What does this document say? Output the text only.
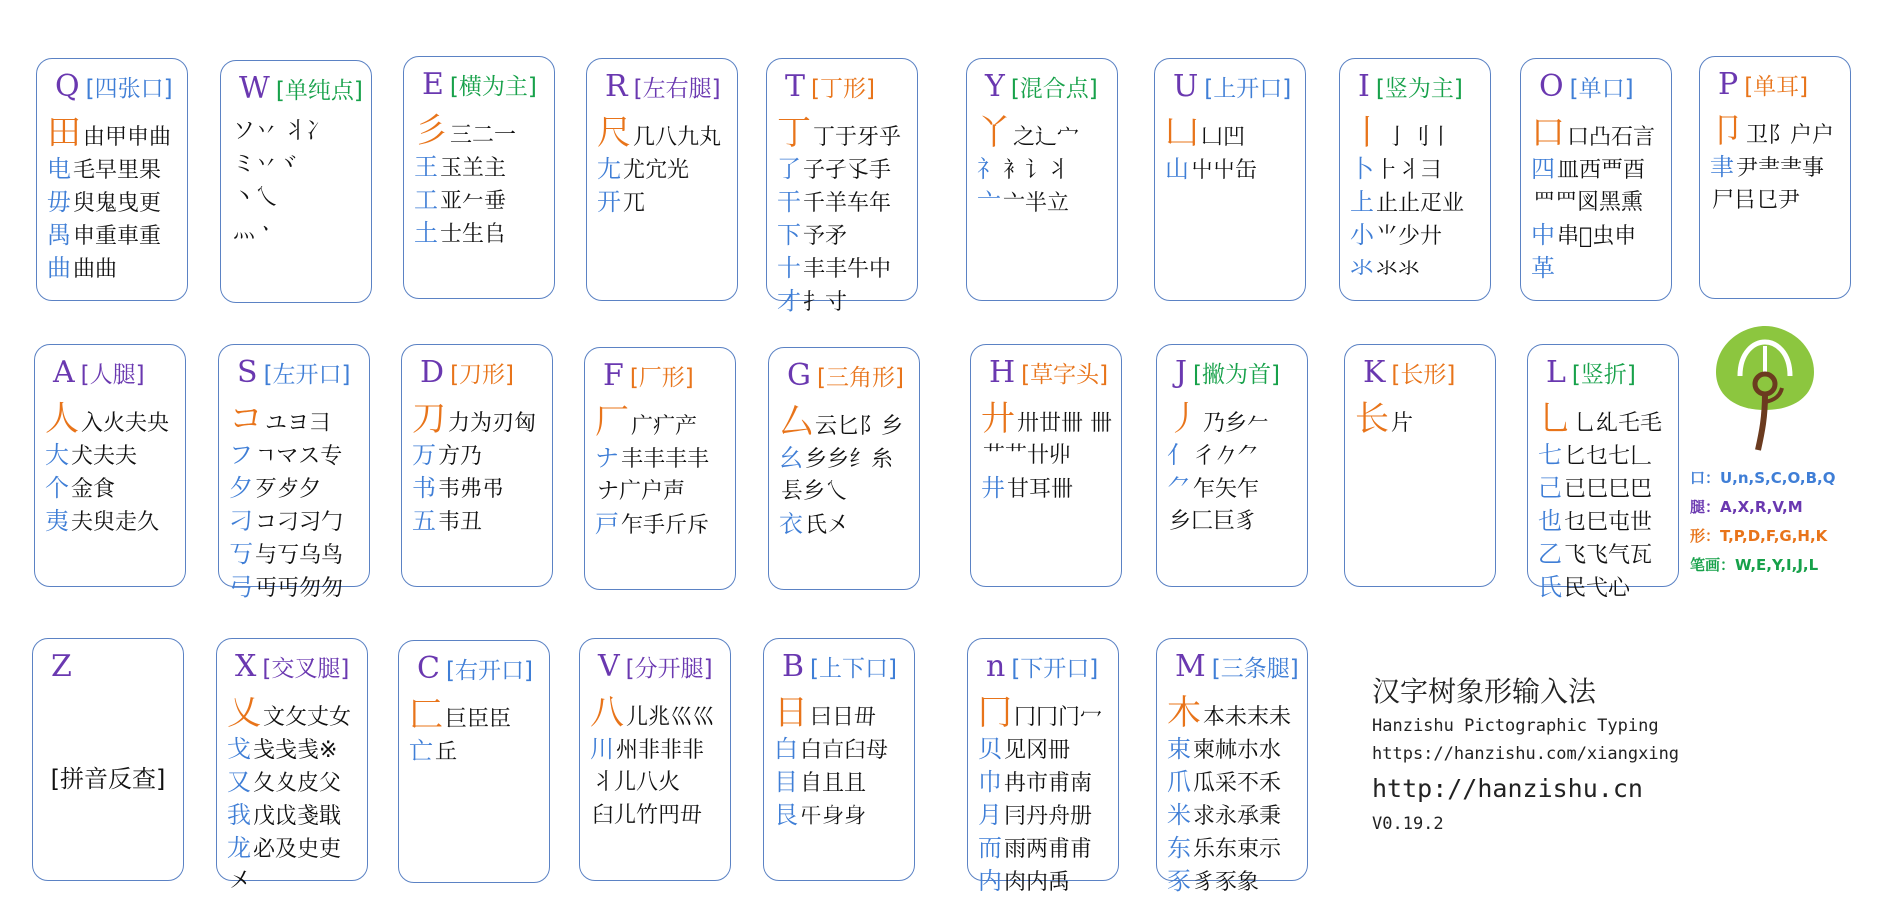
Q [四张口]
田由甲申曲
电毛早里果
毋臾鬼曳更
禺申重車重
曲曲曲
W [单纯点]
ソ丷 丬冫
ミ丷ヾ
丶乀
灬ㆍ
E [横为主]
彡三二一
王玉𦍌主
工亚𠂉垂
土士生𠂤
R [左右腿]
尺几八九丸
尢尤宂光
开兀
T [丁形]
丁丁于牙乎
了子孑孓手
干千羊车年
下予矛
十丰丰牛中
才扌寸
Y [混合点]
丫之辶宀
礻衤讠丬
亠亠半立
U [上开口]
凵凵凹
山屮屮缶
I [竖为主]
丨亅刂丨
卜⺊丬彐
上止止疋业
小⺌少廾
氺氺氺
O [单口]
口口凸石言
四皿西覀酉
罒罒図黑熏
中串𠀉虫申
革
P [单耳]
卩卫阝户户
聿尹⺻⺻事
尸㠯㔾尹
A [人腿]
人入火夫央
大犬夫夫
个金食
夷夫臾走久
S [左开口]
コユヨ彐
フㄱマス专
夕歹歺夕
刁コ刁习勹
丂与丂乌鸟
弓丏丏勿勿
D [刀形]
刀力为刃匈
万方乃
书韦弗弔
五韦丑
F [厂形]
厂广疒产
ナ丰丰丰丰
ナ广户声
戸乍手斤斥
G [三角形]
厶云匕阝乡
幺乡乡纟糸
镸乡乀
衣氏㐅
H [草字头]
廾卅丗卌 卌
艹艹卄丱
井甘耳卌
J [撇为首]
丿乃乡𠂉
亻彳𠂊⺈
⺈乍矢乍
乡匚巨豸
K [长形]
长片
L [竖折]
乚乚乣乇毛
七匕乜七𠃊
己已巳巳巴
也乜巳屯世
乙飞飞气瓦
氏民弋心
Z
[拼音反查]
X [交叉腿]
乂文攵丈女
戈戋戋㦮※
又夂夊皮父
我戊戉戔戢
龙必及史吏
㐅
C [右开口]
匚巨臣臣
亡丘
V [分开腿]
八儿兆巛巛
川州非非非
丬儿八火
臼儿竹䍏毌
B [上下口]
日曰日毌
白白𣅀臼母
目自且且
艮𡕒身身
n [下开口]
冂冂冂门冖
贝见冈冊
巾冉市甫南
月冃丹舟册
而雨两甫甫
内肉内禹
M [三条腿]
木本未末未
束柬𣏟朩水
爪瓜采不禾
米求永承秉
东乐东束示
豕豸豕象
口：U,n,S,C,O,B,Q
腿：A,X,R,V,M
形：T,P,D,F,G,H,K
笔画：W,E,Y,I,J,L
汉字树象形输入法
Hanzishu Pictographic Typing
https://hanzishu.com/xiangxing
http://hanzishu.cn
V0.19.2
